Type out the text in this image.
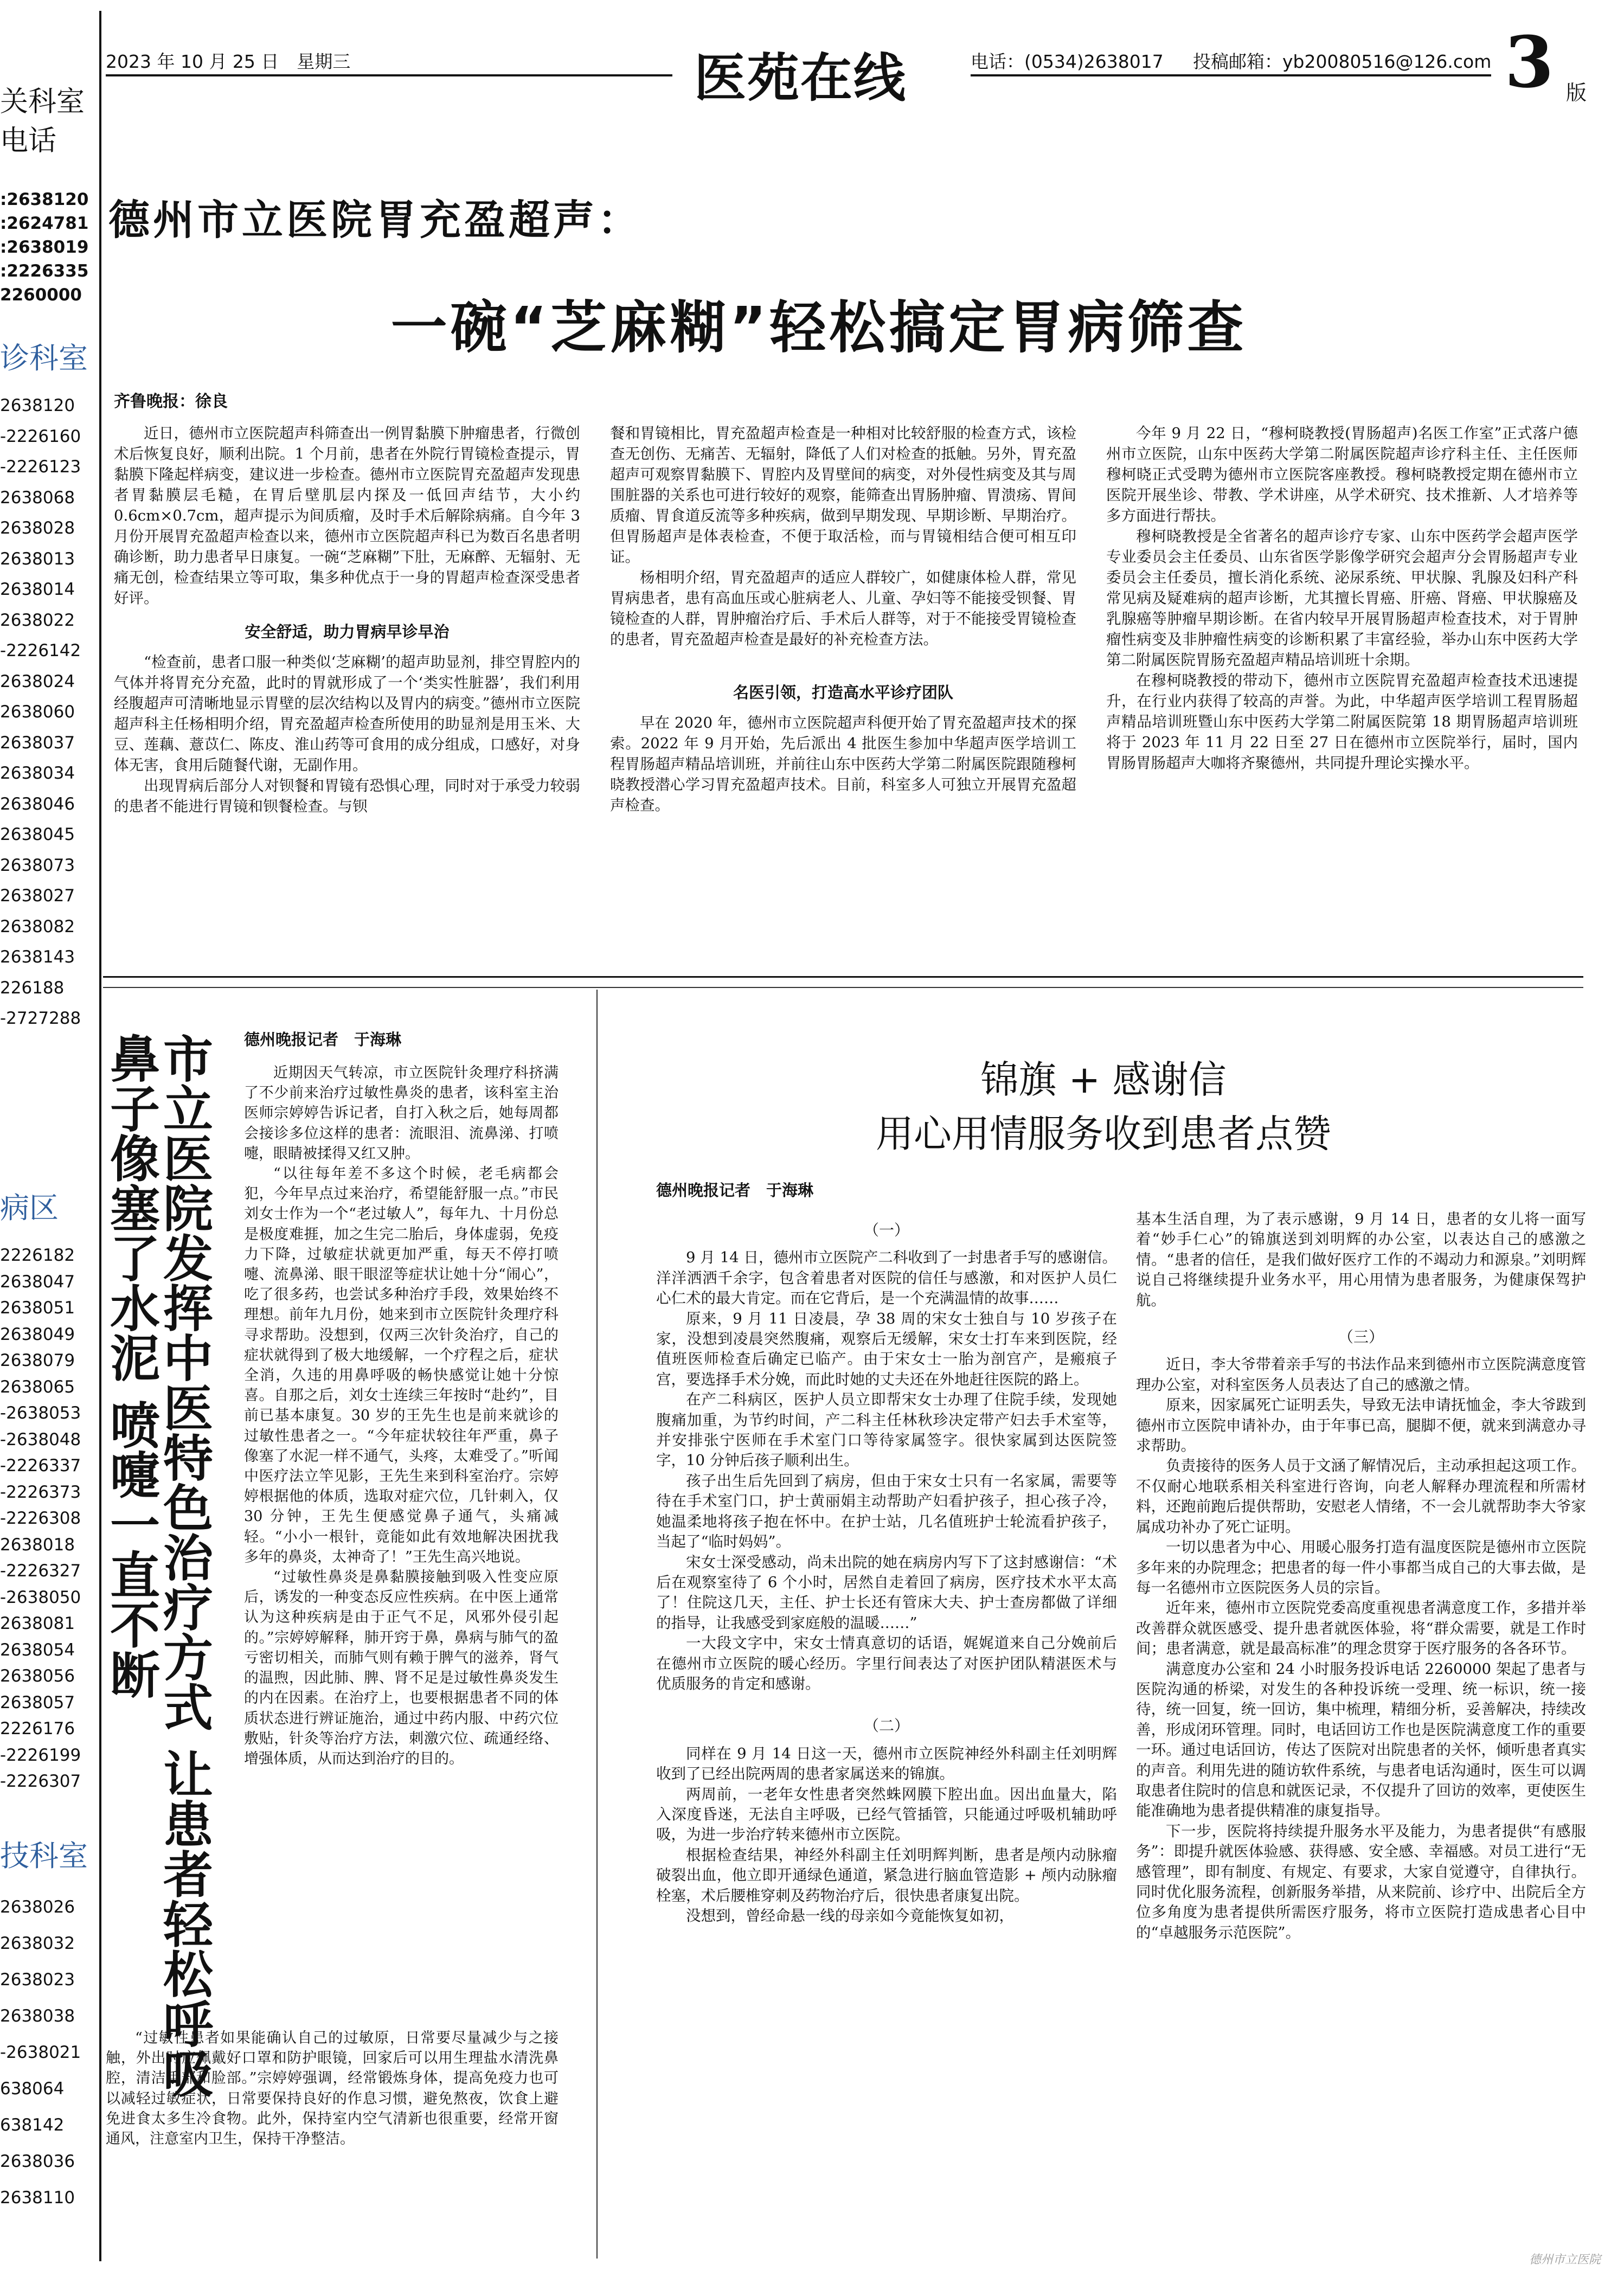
关科室
电话
:2638120
:2624781
:2638019
:2226335
2260000
诊科室
2638120
-2226160
-2226123
2638068
2638028
2638013
2638014
2638022
-2226142
2638024
2638060
2638037
2638034
2638046
2638045
2638073
2638027
2638082
2638143
226188
-2727288
病区
2226182
2638047
2638051
2638049
2638079
2638065
-2638053
-2638048
-2226337
-2226373
-2226308
2638018
-2226327
-2638050
2638081
2638054
2638056
2638057
2226176
-2226199
-2226307
技科室
2638026
2638032
2638023
2638038
-2638021
638064
638142
2638036
2638110
2023 年 10 月 25 日　星期三	医苑在线	电话：(0534)2638017 投稿邮箱：yb20080516@126.com 3 版
德州市立医院胃充盈超声：
一碗“芝麻糊”轻松搞定胃病筛查
齐鲁晚报：徐良

近日，德州市立医院超声科筛查出一例胃黏膜下肿瘤患者，行微创术后恢复良好，顺利出院。1 个月前，患者在外院行胃镜检查提示，胃黏膜下隆起样病变，建议进一步检查。德州市立医院胃充盈超声发现患者胃黏膜层毛糙，在胃后壁肌层内探及一低回声结节，大小约 0.6cm×0.7cm，超声提示为间质瘤，及时手术后解除病痛。自今年 3 月份开展胃充盈超声检查以来，德州市立医院超声科已为数百名患者明确诊断，助力患者早日康复。一碗“芝麻糊”下肚，无麻醉、无辐射、无痛无创，检查结果立等可取，集多种优点于一身的胃超声检查深受患者好评。

安全舒适，助力胃病早诊早治

“检查前，患者口服一种类似‘芝麻糊’的超声助显剂，排空胃腔内的气体并将胃充分充盈，此时的胃就形成了一个‘类实性脏器’，我们利用经腹超声可清晰地显示胃壁的层次结构以及胃内的病变。”德州市立医院超声科主任杨相明介绍，胃充盈超声检查所使用的助显剂是用玉米、大豆、莲藕、薏苡仁、陈皮、淮山药等可食用的成分组成，口感好，对身体无害，食用后随餐代谢，无副作用。

出现胃病后部分人对钡餐和胃镜有恐惧心理，同时对于承受力较弱的患者不能进行胃镜和钡餐检查。与钡

餐和胃镜相比，胃充盈超声检查是一种相对比较舒服的检查方式，该检查无创伤、无痛苦、无辐射，降低了人们对检查的抵触。另外，胃充盈超声可观察胃黏膜下、胃腔内及胃壁间的病变，对外侵性病变及其与周围脏器的关系也可进行较好的观察，能筛查出胃肠肿瘤、胃溃疡、胃间质瘤、胃食道反流等多种疾病，做到早期发现、早期诊断、早期治疗。但胃肠超声是体表检查，不便于取活检，而与胃镜相结合便可相互印证。

杨相明介绍，胃充盈超声的适应人群较广，如健康体检人群，常见胃病患者，患有高血压或心脏病老人、儿童、孕妇等不能接受钡餐、胃镜检查的人群，胃肿瘤治疗后、手术后人群等，对于不能接受胃镜检查的患者，胃充盈超声检查是最好的补充检查方法。

名医引领，打造高水平诊疗团队

早在 2020 年，德州市立医院超声科便开始了胃充盈超声技术的探索。2022 年 9 月开始，先后派出 4 批医生参加中华超声医学培训工程胃肠超声精品培训班，并前往山东中医药大学第二附属医院跟随穆柯晓教授潜心学习胃充盈超声技术。目前，科室多人可独立开展胃充盈超声检查。

今年 9 月 22 日，“穆柯晓教授(胃肠超声)名医工作室”正式落户德州市立医院，山东中医药大学第二附属医院超声诊疗科主任、主任医师穆柯晓正式受聘为德州市立医院客座教授。穆柯晓教授定期在德州市立医院开展坐诊、带教、学术讲座，从学术研究、技术推新、人才培养等多方面进行帮扶。

穆柯晓教授是全省著名的超声诊疗专家、山东中医药学会超声医学专业委员会主任委员、山东省医学影像学研究会超声分会胃肠超声专业委员会主任委员，擅长消化系统、泌尿系统、甲状腺、乳腺及妇科产科常见病及疑难病的超声诊断，尤其擅长胃癌、肝癌、肾癌、甲状腺癌及乳腺癌等肿瘤早期诊断。在省内较早开展胃肠超声检查技术，对于胃肿瘤性病变及非肿瘤性病变的诊断积累了丰富经验，举办山东中医药大学第二附属医院胃肠充盈超声精品培训班十余期。

在穆柯晓教授的带动下，德州市立医院胃充盈超声检查技术迅速提升，在行业内获得了较高的声誉。为此，中华超声医学培训工程胃肠超声精品培训班暨山东中医药大学第二附属医院第 18 期胃肠超声培训班将于 2023 年 11 月 22 日至 27 日在德州市立医院举行，届时，国内胃肠胃肠超声大咖将齐聚德州，共同提升理论实操水平。

市立医院发挥中医特色治疗方式 让患者轻松呼吸
鼻子像塞了水泥 喷嚏一直不断	德州晚报记者　于海琳

近期因天气转凉，市立医院针灸理疗科挤满了不少前来治疗过敏性鼻炎的患者，该科室主治医师宗婷婷告诉记者，自打入秋之后，她每周都会接诊多位这样的患者：流眼泪、流鼻涕、打喷嚏，眼睛被揉得又红又肿。

“以往每年差不多这个时候，老毛病都会犯，今年早点过来治疗，希望能舒服一点。”市民刘女士作为一个“老过敏人”，每年九、十月份总是极度难捱，加之生完二胎后，身体虚弱，免疫力下降，过敏症状就更加严重，每天不停打喷嚏、流鼻涕、眼干眼涩等症状让她十分“闹心”，吃了很多药，也尝试多种治疗手段，效果始终不理想。前年九月份，她来到市立医院针灸理疗科寻求帮助。没想到，仅两三次针灸治疗，自己的症状就得到了极大地缓解，一个疗程之后，症状全消，久违的用鼻呼吸的畅快感觉让她十分惊喜。自那之后，刘女士连续三年按时“赴约”，目前已基本康复。30 岁的王先生也是前来就诊的过敏性患者之一。“今年症状较往年严重，鼻子像塞了水泥一样不通气，头疼，太难受了。”听闻中医疗法立竿见影，王先生来到科室治疗。宗婷婷根据他的体质，选取对症穴位，几针刺入，仅 30 分钟，王先生便感觉鼻子通气，头痛减轻。“小小一根针，竟能如此有效地解决困扰我多年的鼻炎，太神奇了！”王先生高兴地说。

“过敏性鼻炎是鼻黏膜接触到吸入性变应原后，诱发的一种变态反应性疾病。在中医上通常认为这种疾病是由于正气不足，风邪外侵引起的。”宗婷婷解释，肺开窍于鼻，鼻病与肺气的盈亏密切相关，而肺气则有赖于脾气的滋养，肾气的温煦，因此肺、脾、肾不足是过敏性鼻炎发生的内在因素。在治疗上，也要根据患者不同的体质状态进行辨证施治，通过中药内服、中药穴位敷贴，针灸等治疗方法，刺激穴位、疏通经络、增强体质，从而达到治疗的目的。

“过敏性患者如果能确认自己的过敏原，日常要尽量减少与之接触，外出时应佩戴好口罩和防护眼镜，回家后可以用生理盐水清洗鼻腔，清洁手部和脸部。”宗婷婷强调，经常锻炼身体，提高免疫力也可以减轻过敏症状，日常要保持良好的作息习惯，避免熬夜，饮食上避免进食太多生冷食物。此外，保持室内空气清新也很重要，经常开窗通风，注意室内卫生，保持干净整洁。

锦旗 + 感谢信
用心用情服务收到患者点赞
德州晚报记者　于海琳

（一）

9 月 14 日，德州市立医院产二科收到了一封患者手写的感谢信。洋洋洒洒千余字，包含着患者对医院的信任与感激，和对医护人员仁心仁术的最大肯定。而在它背后，是一个充满温情的故事……

原来，9 月 11 日凌晨，孕 38 周的宋女士独自与 10 岁孩子在家，没想到凌晨突然腹痛，观察后无缓解，宋女士打车来到医院，经值班医师检查后确定已临产。由于宋女士一胎为剖宫产，是瘢痕子宫，要选择手术分娩，而此时她的丈夫还在外地赶往医院的路上。

在产二科病区，医护人员立即帮宋女士办理了住院手续，发现她腹痛加重，为节约时间，产二科主任林秋珍决定带产妇去手术室等，并安排张宁医师在手术室门口等待家属签字。很快家属到达医院签字，10 分钟后孩子顺利出生。

孩子出生后先回到了病房，但由于宋女士只有一名家属，需要等待在手术室门口，护士黄丽娟主动帮助产妇看护孩子，担心孩子冷，她温柔地将孩子抱在怀中。在护士站，几名值班护士轮流看护孩子，当起了“临时妈妈”。

宋女士深受感动，尚未出院的她在病房内写下了这封感谢信：“术后在观察室待了 6 个小时，居然自走着回了病房，医疗技术水平太高了！住院这几天，主任、护士长还有管床大夫、护士查房都做了详细的指导，让我感受到家庭般的温暖……”

一大段文字中，宋女士情真意切的话语，娓娓道来自己分娩前后在德州市立医院的暖心经历。字里行间表达了对医护团队精湛医术与优质服务的肯定和感谢。

（二）

同样在 9 月 14 日这一天，德州市立医院神经外科副主任刘明辉收到了已经出院两周的患者家属送来的锦旗。

两周前，一老年女性患者突然蛛网膜下腔出血。因出血量大，陷入深度昏迷，无法自主呼吸，已经气管插管，只能通过呼吸机辅助呼吸，为进一步治疗转来德州市立医院。

根据检查结果，神经外科副主任刘明辉判断，患者是颅内动脉瘤破裂出血，他立即开通绿色通道，紧急进行脑血管造影 + 颅内动脉瘤栓塞，术后腰椎穿刺及药物治疗后，很快患者康复出院。

没想到，曾经命悬一线的母亲如今竟能恢复如初，

基本生活自理，为了表示感谢，9 月 14 日，患者的女儿将一面写着“妙手仁心”的锦旗送到刘明辉的办公室，以表达自己的感激之情。“患者的信任，是我们做好医疗工作的不竭动力和源泉。”刘明辉说自己将继续提升业务水平，用心用情为患者服务，为健康保驾护航。

（三）

近日，李大爷带着亲手写的书法作品来到德州市立医院满意度管理办公室，对科室医务人员表达了自己的感激之情。

原来，因家属死亡证明丢失，导致无法申请抚恤金，李大爷跋到德州市立医院申请补办，由于年事已高，腿脚不便，就来到满意办寻求帮助。

负责接待的医务人员于文涵了解情况后，主动承担起这项工作。不仅耐心地联系相关科室进行咨询，向老人解释办理流程和所需材料，还跑前跑后提供帮助，安慰老人情绪，不一会儿就帮助李大爷家属成功补办了死亡证明。

一切以患者为中心、用暖心服务打造有温度医院是德州市立医院多年来的办院理念；把患者的每一件小事都当成自己的大事去做，是每一名德州市立医院医务人员的宗旨。

近年来，德州市立医院党委高度重视患者满意度工作，多措并举改善群众就医感受、提升患者就医体验，将“群众需要，就是工作时间；患者满意，就是最高标准”的理念贯穿于医疗服务的各各环节。

满意度办公室和 24 小时服务投诉电话 2260000 架起了患者与医院沟通的桥梁，对发生的各种投诉统一受理、统一标识，统一接待，统一回复，统一回访，集中梳理，精细分析，妥善解决，持续改善，形成闭环管理。同时，电话回访工作也是医院满意度工作的重要一环。通过电话回访，传达了医院对出院患者的关怀，倾听患者真实的声音。利用先进的随访软件系统，与患者电话沟通时，医生可以调取患者住院时的信息和就医记录，不仅提升了回访的效率，更使医生能准确地为患者提供精准的康复指导。

下一步，医院将持续提升服务水平及能力，为患者提供“有感服务”：即提升就医体验感、获得感、安全感、幸福感。对员工进行“无感管理”，即有制度、有规定、有要求，大家自觉遵守，自律执行。同时优化服务流程，创新服务举措，从来院前、诊疗中、出院后全方位多角度为患者提供所需医疗服务，将市立医院打造成患者心目中的“卓越服务示范医院”。

德州市立医院
